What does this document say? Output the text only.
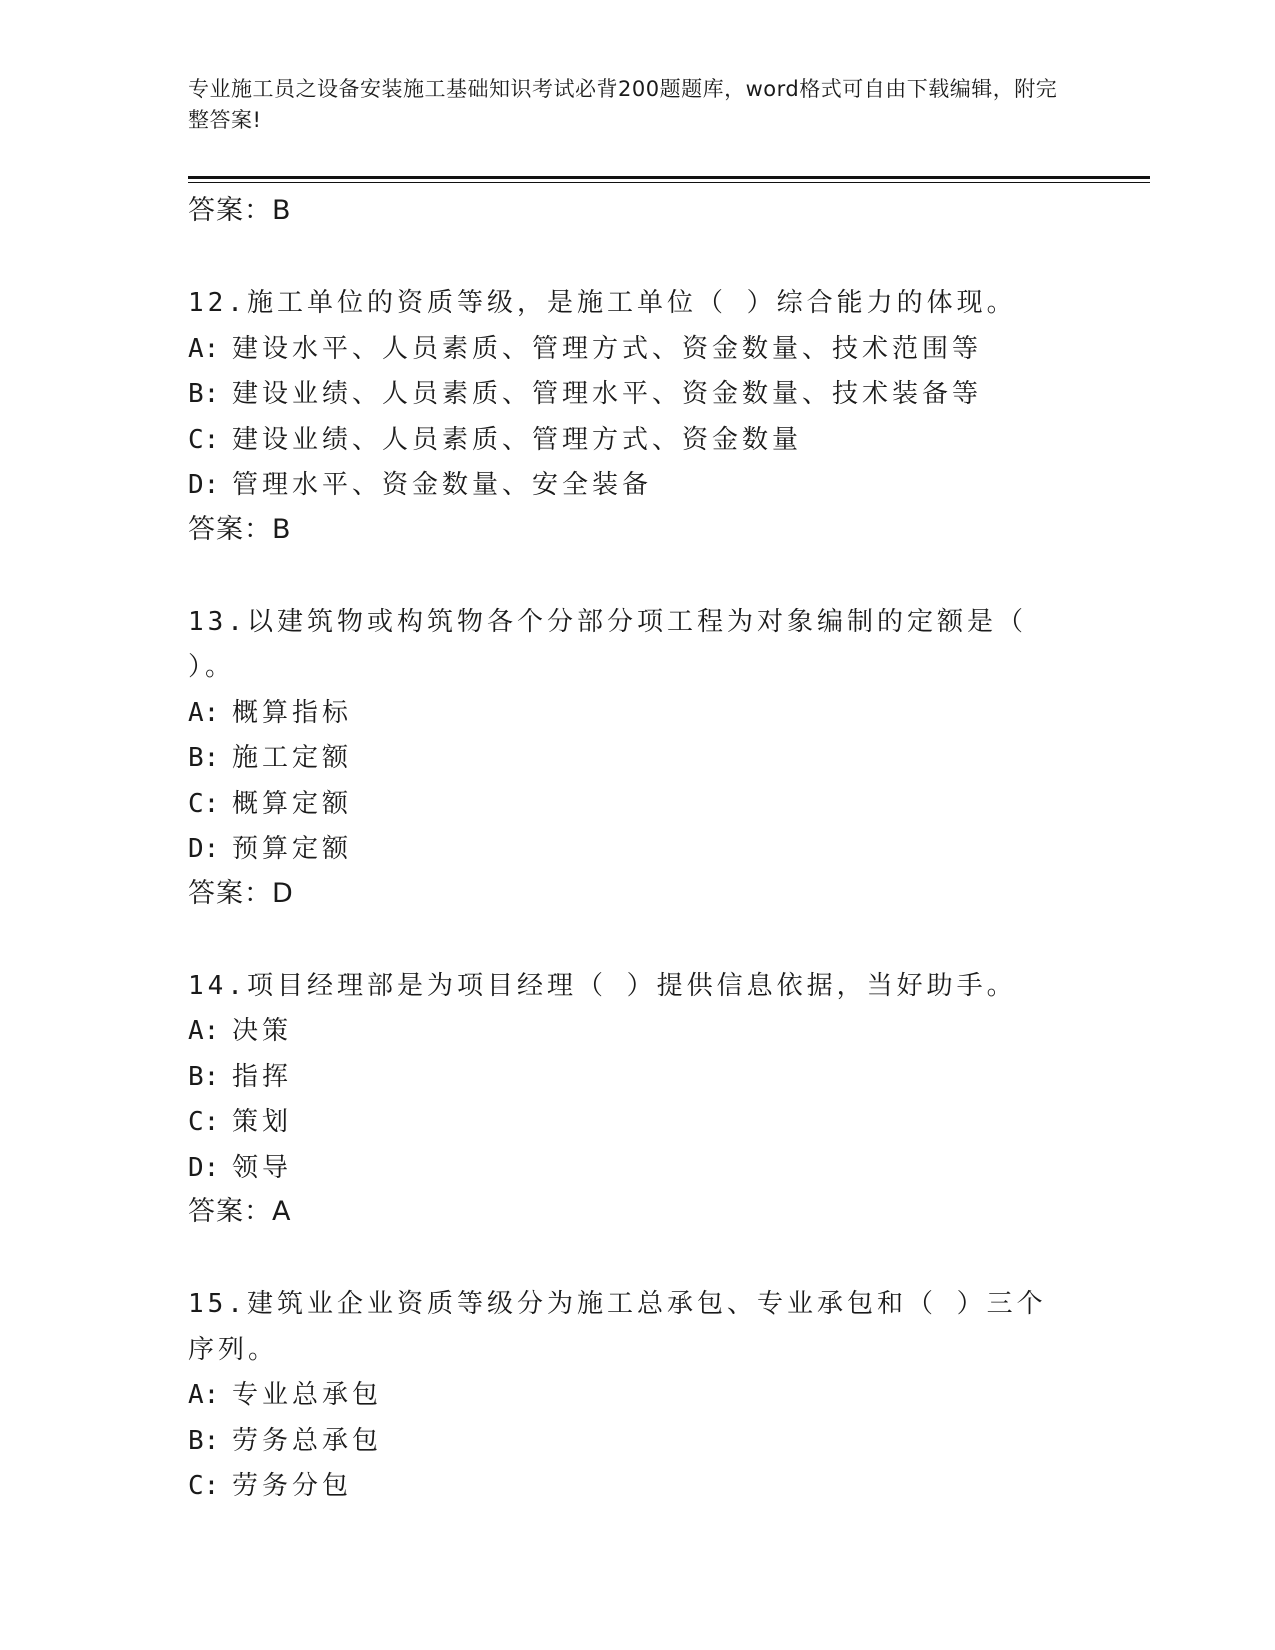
专业施工员之设备安装施工基础知识考试必背200题题库，word格式可自由下载编辑，附完整答案!
答案：B
12.施工单位的资质等级，是施工单位（ ）综合能力的体现。
A: 建设水平、人员素质、管理方式、资金数量、技术范围等
B: 建设业绩、人员素质、管理水平、资金数量、技术装备等
C: 建设业绩、人员素质、管理方式、资金数量
D: 管理水平、资金数量、安全装备
答案：B
13.以建筑物或构筑物各个分部分项工程为对象编制的定额是（ ）。
A: 概算指标
B: 施工定额
C: 概算定额
D: 预算定额
答案：D
14.项目经理部是为项目经理（ ）提供信息依据，当好助手。
A: 决策
B: 指挥
C: 策划
D: 领导
答案：A
15.建筑业企业资质等级分为施工总承包、专业承包和（ ）三个序列。
A: 专业总承包
B: 劳务总承包
C: 劳务分包
